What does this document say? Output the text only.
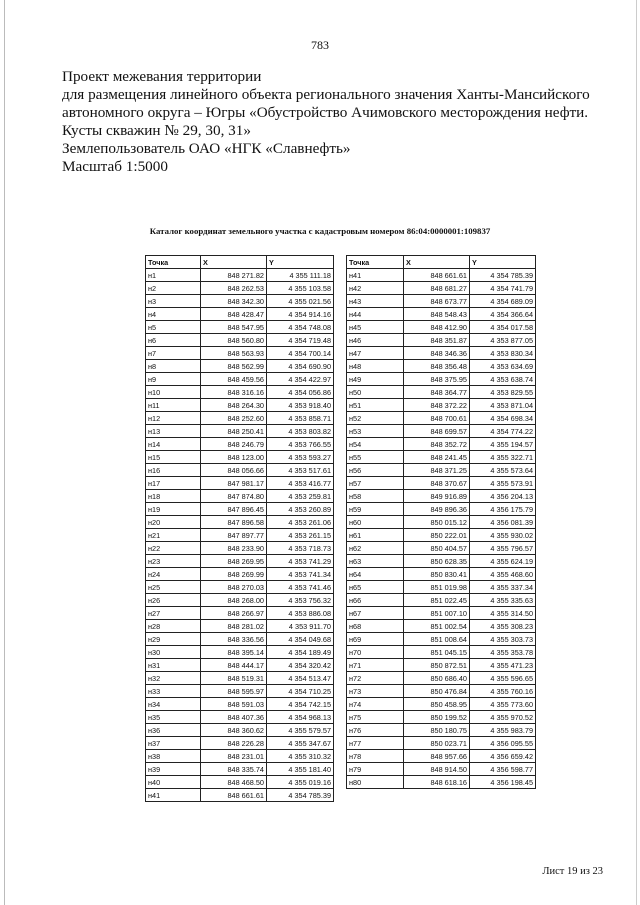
783
Проект межевания территории
для размещения линейного объекта регионального значения Ханты-Мансийского
автономного округа – Югры «Обустройство Ачимовского месторождения нефти.
Кусты скважин № 29, 30, 31»
Землепользователь ОАО «НГК «Славнефть»
Масштаб 1:5000
Каталог координат земельного участка с кадастровым номером 86:04:0000001:109837
Точка	X	Y
н1	848 271.82	4 355 111.18
н2	848 262.53	4 355 103.58
н3	848 342.30	4 355 021.56
н4	848 428.47	4 354 914.16
н5	848 547.95	4 354 748.08
н6	848 560.80	4 354 719.48
н7	848 563.93	4 354 700.14
н8	848 562.99	4 354 690.90
н9	848 459.56	4 354 422.97
н10	848 316.16	4 354 056.86
н11	848 264.30	4 353 918.40
н12	848 252.60	4 353 858.71
н13	848 250.41	4 353 803.82
н14	848 246.79	4 353 766.55
н15	848 123.00	4 353 593.27
н16	848 056.66	4 353 517.61
н17	847 981.17	4 353 416.77
н18	847 874.80	4 353 259.81
н19	847 896.45	4 353 260.89
н20	847 896.58	4 353 261.06
н21	847 897.77	4 353 261.15
н22	848 233.90	4 353 718.73
н23	848 269.95	4 353 741.29
н24	848 269.99	4 353 741.34
н25	848 270.03	4 353 741.46
н26	848 268.00	4 353 756.32
н27	848 266.97	4 353 886.08
н28	848 281.02	4 353 911.70
н29	848 336.56	4 354 049.68
н30	848 395.14	4 354 189.49
н31	848 444.17	4 354 320.42
н32	848 519.31	4 354 513.47
н33	848 595.97	4 354 710.25
н34	848 591.03	4 354 742.15
н35	848 407.36	4 354 968.13
н36	848 360.62	4 355 579.57
н37	848 226.28	4 355 347.67
н38	848 231.01	4 355 310.32
н39	848 335.74	4 355 181.40
н40	848 468.50	4 355 019.16
н41	848 661.61	4 354 785.39
Точка	X	Y
н41	848 661.61	4 354 785.39
н42	848 681.27	4 354 741.79
н43	848 673.77	4 354 689.09
н44	848 548.43	4 354 366.64
н45	848 412.90	4 354 017.58
н46	848 351.87	4 353 877.05
н47	848 346.36	4 353 830.34
н48	848 356.48	4 353 634.69
н49	848 375.95	4 353 638.74
н50	848 364.77	4 353 829.55
н51	848 372.22	4 353 871.04
н52	848 700.61	4 354 698.34
н53	848 699.57	4 354 774.22
н54	848 352.72	4 355 194.57
н55	848 241.45	4 355 322.71
н56	848 371.25	4 355 573.64
н57	848 370.67	4 355 573.91
н58	849 916.89	4 356 204.13
н59	849 896.36	4 356 175.79
н60	850 015.12	4 356 081.39
н61	850 222.01	4 355 930.02
н62	850 404.57	4 355 796.57
н63	850 628.35	4 355 624.19
н64	850 830.41	4 355 468.60
н65	851 019.98	4 355 337.34
н66	851 022.45	4 355 335.63
н67	851 007.10	4 355 314.50
н68	851 002.54	4 355 308.23
н69	851 008.64	4 355 303.73
н70	851 045.15	4 355 353.78
н71	850 872.51	4 355 471.23
н72	850 686.40	4 355 596.65
н73	850 476.84	4 355 760.16
н74	850 458.95	4 355 773.60
н75	850 199.52	4 355 970.52
н76	850 180.75	4 355 983.79
н77	850 023.71	4 356 095.55
н78	848 957.66	4 356 659.42
н79	848 914.50	4 356 598.77
н80	848 618.16	4 356 198.45
Лист 19 из 23
